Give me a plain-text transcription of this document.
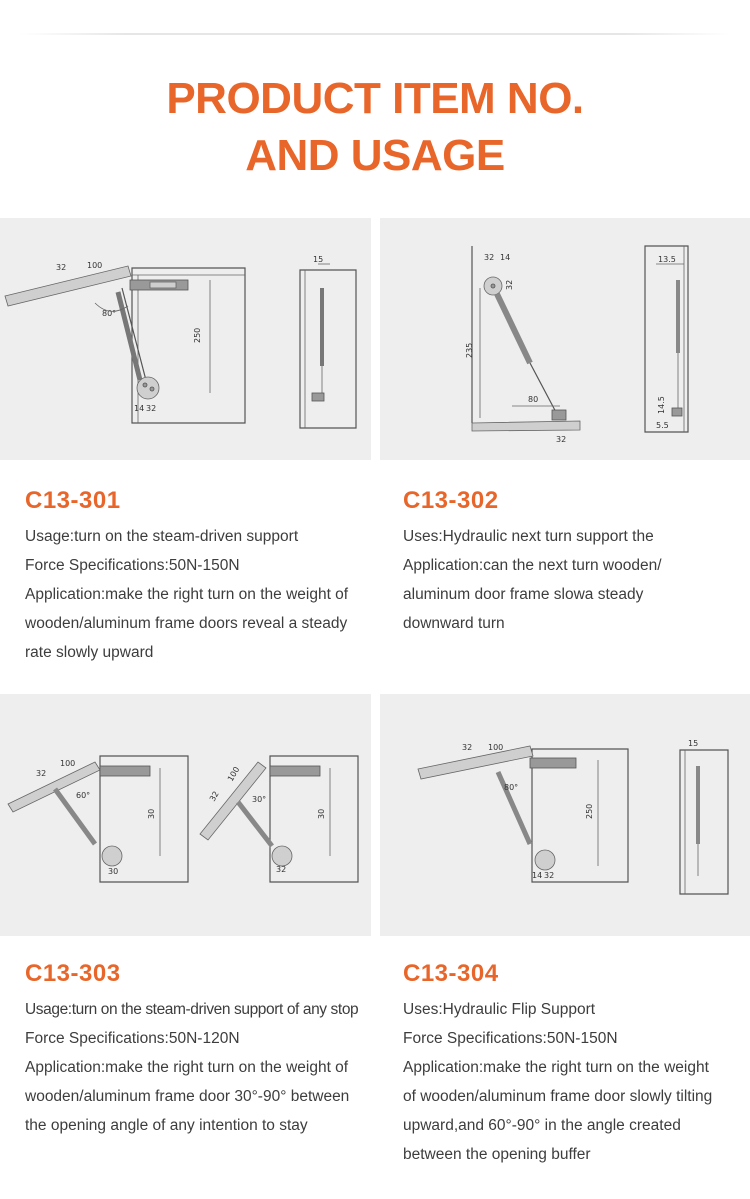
PRODUCT ITEM NO.
AND USAGE
250
32	100
80°
14 32
15
235
32 14
32
80
32
13.5
14.5
5.5
30
32
100
60°
30
30
100
32	30°
32
250
32 100
80°
14 32
15
C13-301
Usage:turn on the steam-driven support
Force Specifications:50N-150N
Application:make the right turn on the weight of
wooden/aluminum frame doors reveal a steady
rate slowly upward
C13-302
Uses:Hydraulic next turn support the
Application:can the next turn wooden/
aluminum door frame slowa steady
downward turn
C13-303
Usage:turn on the steam-driven support of any stop
Force Specifications:50N-120N
Application:make the right turn on the weight of
wooden/aluminum frame door 30°-90° between
the opening angle of any intention to stay
C13-304
Uses:Hydraulic Flip Support
Force Specifications:50N-150N
Application:make the right turn on the weight
of wooden/aluminum frame door slowly tilting
upward,and 60°-90° in the angle created
between the opening buffer
